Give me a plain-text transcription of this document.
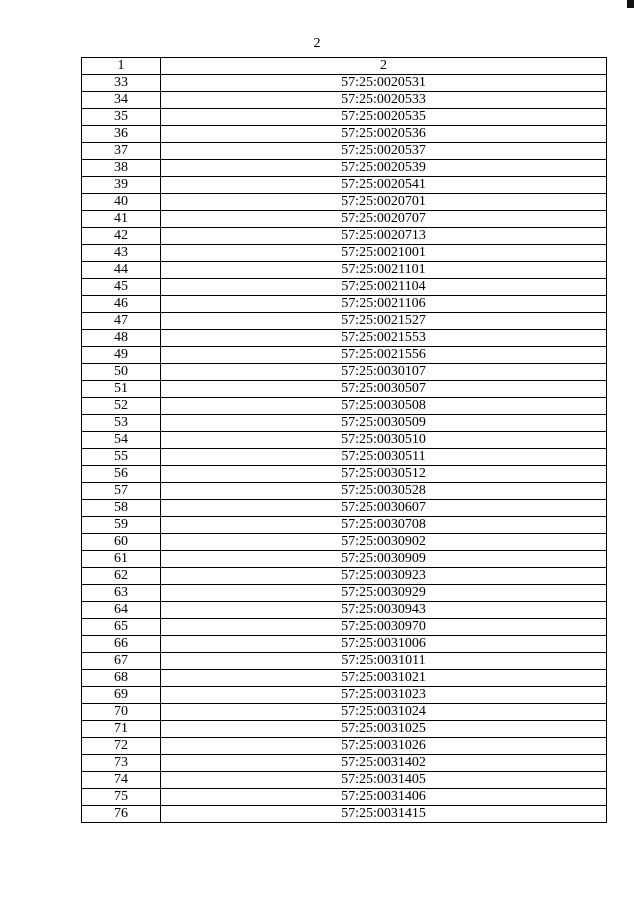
2
1	2
33	57:25:0020531
34	57:25:0020533
35	57:25:0020535
36	57:25:0020536
37	57:25:0020537
38	57:25:0020539
39	57:25:0020541
40	57:25:0020701
41	57:25:0020707
42	57:25:0020713
43	57:25:0021001
44	57:25:0021101
45	57:25:0021104
46	57:25:0021106
47	57:25:0021527
48	57:25:0021553
49	57:25:0021556
50	57:25:0030107
51	57:25:0030507
52	57:25:0030508
53	57:25:0030509
54	57:25:0030510
55	57:25:0030511
56	57:25:0030512
57	57:25:0030528
58	57:25:0030607
59	57:25:0030708
60	57:25:0030902
61	57:25:0030909
62	57:25:0030923
63	57:25:0030929
64	57:25:0030943
65	57:25:0030970
66	57:25:0031006
67	57:25:0031011
68	57:25:0031021
69	57:25:0031023
70	57:25:0031024
71	57:25:0031025
72	57:25:0031026
73	57:25:0031402
74	57:25:0031405
75	57:25:0031406
76	57:25:0031415
